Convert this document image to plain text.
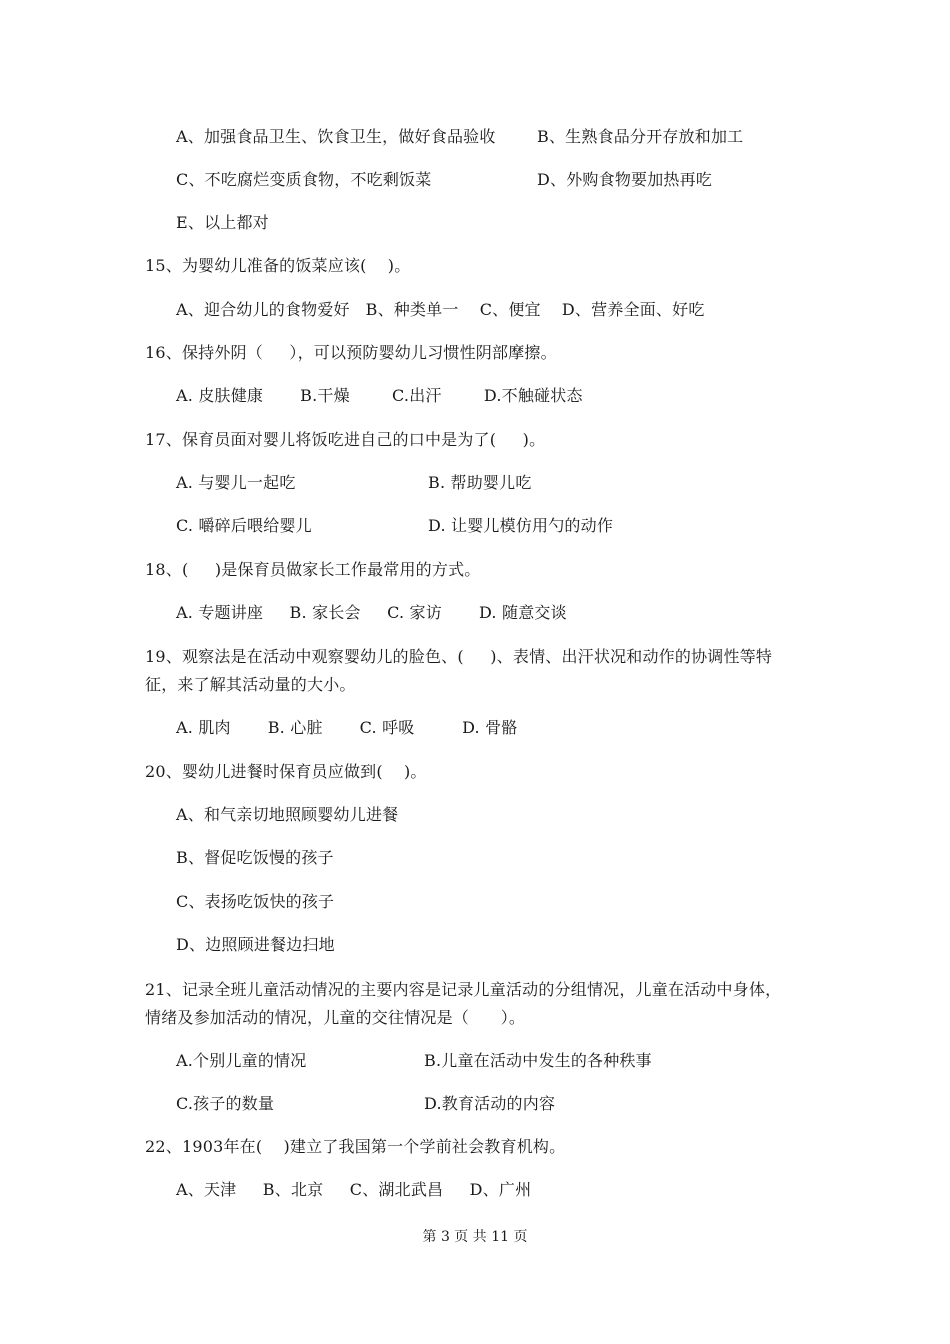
A、加强食品卫生、饮食卫生，做好食品验收	B、生熟食品分开存放和加工
C、不吃腐烂变质食物，不吃剩饭菜	D、外购食物要加热再吃
E、以上都对
15、为婴幼儿准备的饭菜应该(    )。
A、迎合幼儿的食物爱好   B、种类单一    C、便宜    D、营养全面、好吃
16、保持外阴（     ），可以预防婴幼儿习惯性阴部摩擦。
A. 皮肤健康       B.干燥        C.出汗        D.不触碰状态
17、保育员面对婴儿将饭吃进自己的口中是为了(     )。
A. 与婴儿一起吃	B. 帮助婴儿吃
C. 嚼碎后喂给婴儿	D. 让婴儿模仿用勺的动作
18、(     )是保育员做家长工作最常用的方式。
A. 专题讲座     B. 家长会     C. 家访       D. 随意交谈
19、观察法是在活动中观察婴幼儿的脸色、(     )、表情、出汗状况和动作的协调性等特
征，来了解其活动量的大小。
A. 肌肉       B. 心脏       C. 呼吸         D. 骨骼
20、婴幼儿进餐时保育员应做到(    )。
A、和气亲切地照顾婴幼儿进餐
B、督促吃饭慢的孩子
C、表扬吃饭快的孩子
D、边照顾进餐边扫地
21、记录全班儿童活动情况的主要内容是记录儿童活动的分组情况，儿童在活动中身体，
情绪及参加活动的情况，儿童的交往情况是（      ）。
A.个别儿童的情况	B.儿童在活动中发生的各种秩事
C.孩子的数量	D.教育活动的内容
22、1903年在(    )建立了我国第一个学前社会教育机构。
A、天津     B、北京     C、湖北武昌     D、广州
第 3 页 共 11 页
